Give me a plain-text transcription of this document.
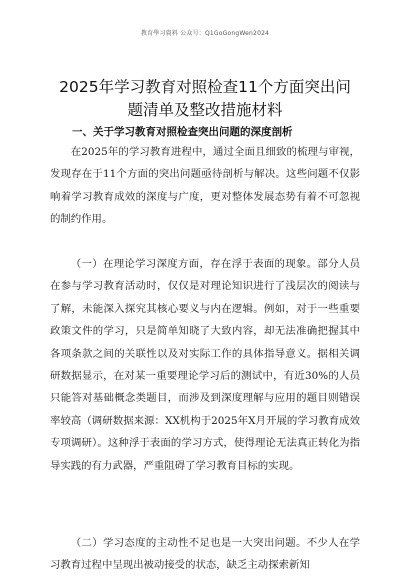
教育學习資料 公众号：Q1GoGongWen2024
2025年学习教育对照检查11个方面突出问题清单及整改措施材料
一、关于学习教育对照检查突出问题的深度剖析
在2025年的学习教育进程中，通过全面且细致的梳理与审视，发现存在于11个方面的突出问题亟待剖析与解决。这些问题不仅影响着学习教育成效的深度与广度，更对整体发展态势有着不可忽视的制约作用。
（一）在理论学习深度方面，存在浮于表面的现象。部分人员在参与学习教育活动时，仅仅是对理论知识进行了浅层次的阅读与了解，未能深入探究其核心要义与内在逻辑。例如，对于一些重要政策文件的学习，只是简单知晓了大致内容，却无法准确把握其中各项条款之间的关联性以及对实际工作的具体指导意义。据相关调研数据显示，在对某一重要理论学习后的测试中，有近30%的人员只能答对基础概念类题目，而涉及到深度理解与应用的题目则错误率较高（调研数据来源：XX机构于2025年X月开展的学习教育成效专项调研）。这种浮于表面的学习方式，使得理论无法真正转化为指导实践的有力武器，严重阻碍了学习教育目标的实现。
（二）学习态度的主动性不足也是一大突出问题。不少人在学习教育过程中呈现出被动接受的状态，缺乏主动探索新知
